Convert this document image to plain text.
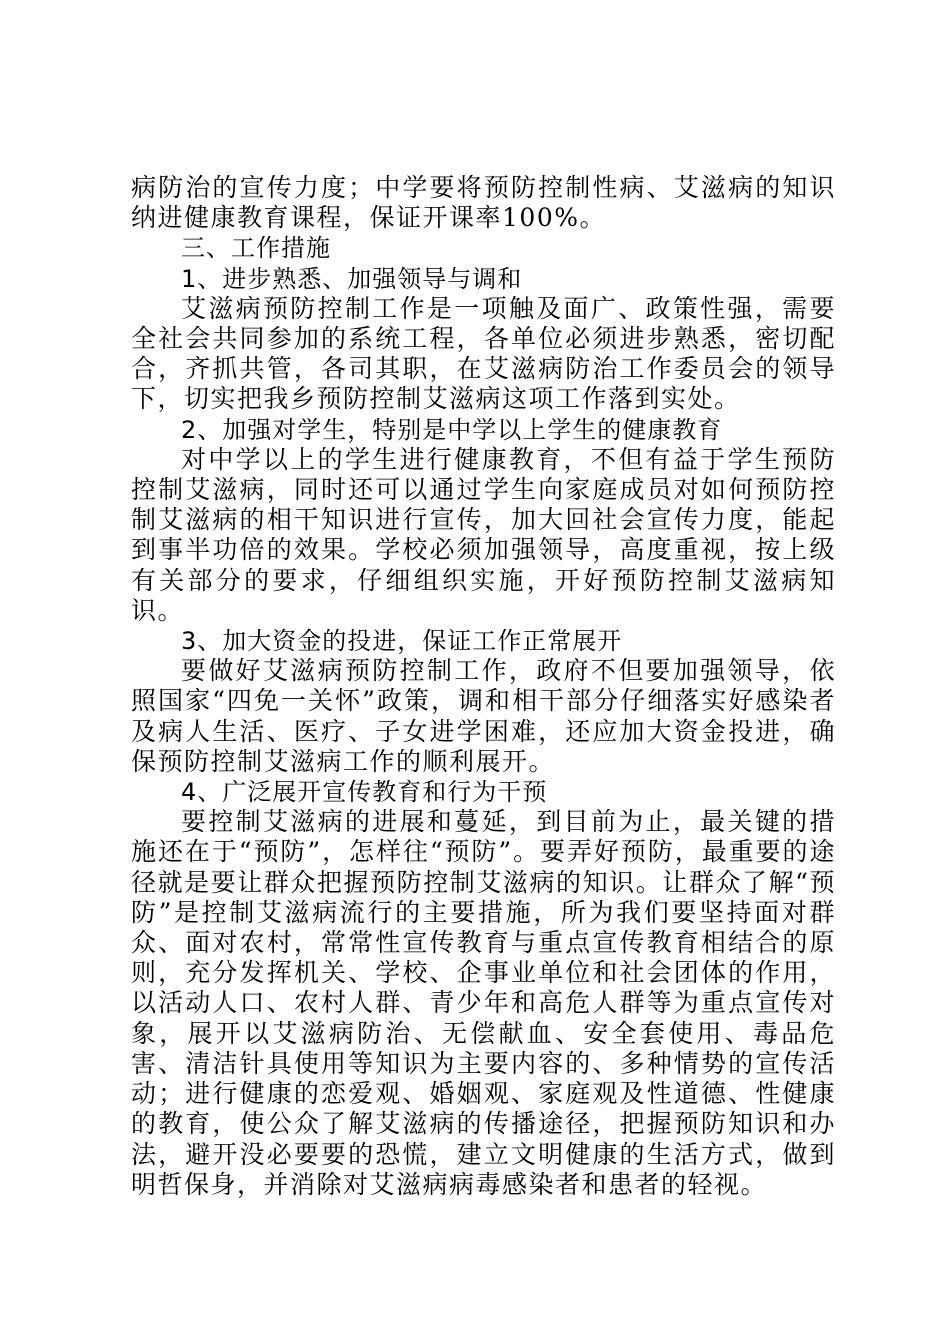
病防治的宣传力度；中学要将预防控制性病、艾滋病的知识纳进健康教育课程，保证开课率100%。

三、工作措施

1、进步熟悉、加强领导与调和

艾滋病预防控制工作是一项触及面广、政策性强，需要全社会共同参加的系统工程，各单位必须进步熟悉，密切配合，齐抓共管，各司其职，在艾滋病防治工作委员会的领导下，切实把我乡预防控制艾滋病这项工作落到实处。

2、加强对学生，特别是中学以上学生的健康教育

对中学以上的学生进行健康教育，不但有益于学生预防控制艾滋病，同时还可以通过学生向家庭成员对如何预防控制艾滋病的相干知识进行宣传，加大回社会宣传力度，能起到事半功倍的效果。学校必须加强领导，高度重视，按上级有关部分的要求，仔细组织实施，开好预防控制艾滋病知识。

3、加大资金的投进，保证工作正常展开

要做好艾滋病预防控制工作，政府不但要加强领导，依照国家“四免一关怀”政策，调和相干部分仔细落实好感染者及病人生活、医疗、子女进学困难，还应加大资金投进，确保预防控制艾滋病工作的顺利展开。

4、广泛展开宣传教育和行为干预

要控制艾滋病的进展和蔓延，到目前为止，最关键的措施还在于“预防”，怎样往“预防”。要弄好预防，最重要的途径就是要让群众把握预防控制艾滋病的知识。让群众了解“预防”是控制艾滋病流行的主要措施，所为我们要坚持面对群众、面对农村，常常性宣传教育与重点宣传教育相结合的原则，充分发挥机关、学校、企事业单位和社会团体的作用，以活动人口、农村人群、青少年和高危人群等为重点宣传对象，展开以艾滋病防治、无偿献血、安全套使用、毒品危害、清洁针具使用等知识为主要内容的、多种情势的宣传活动；进行健康的恋爱观、婚姻观、家庭观及性道德、性健康的教育，使公众了解艾滋病的传播途径，把握预防知识和办法，避开没必要要的恐慌，建立文明健康的生活方式，做到明哲保身，并消除对艾滋病病毒感染者和患者的轻视。
